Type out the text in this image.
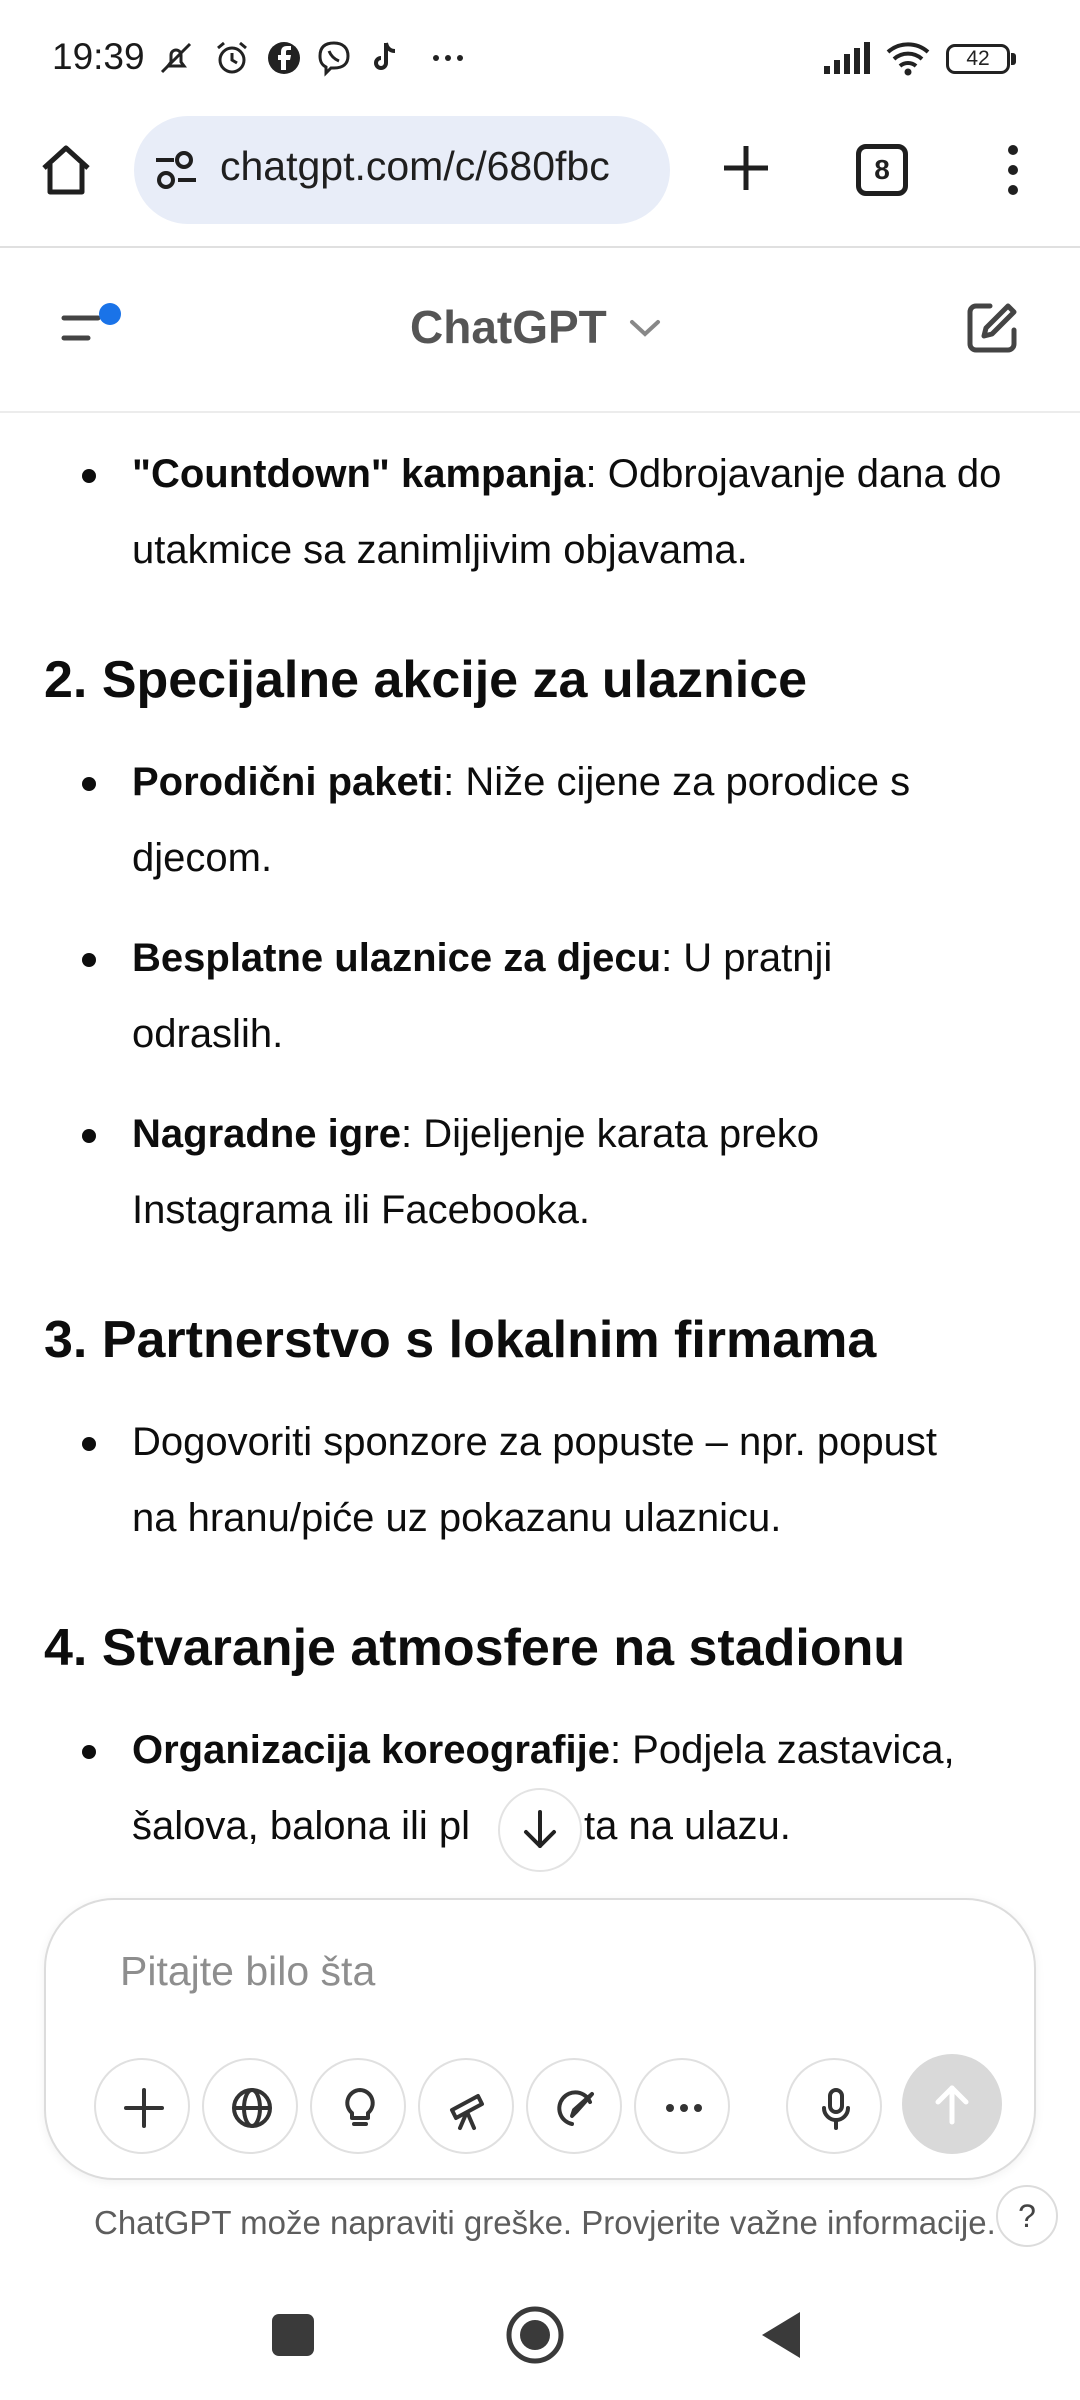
19:39	42
chatgpt.com/c/680fbc	8
ChatGPT
"Countdown" kampanja: Odbrojavanje dana do
utakmice sa zanimljivim objavama.
2. Specijalne akcije za ulaznice
Porodični paketi: Niže cijene za porodice s
djecom.
Besplatne ulaznice za djecu: U pratnji
odraslih.
Nagradne igre: Dijeljenje karata preko
Instagrama ili Facebooka.
3. Partnerstvo s lokalnim firmama
Dogovoriti sponzore za popuste – npr. popust
na hranu/piće uz pokazanu ulaznicu.
4. Stvaranje atmosfere na stadionu
Organizacija koreografije: Podjela zastavica,
šalova, balona ili pl	ta na ulazu.
Pitajte bilo šta
ChatGPT može napraviti greške. Provjerite važne informacije. ?
